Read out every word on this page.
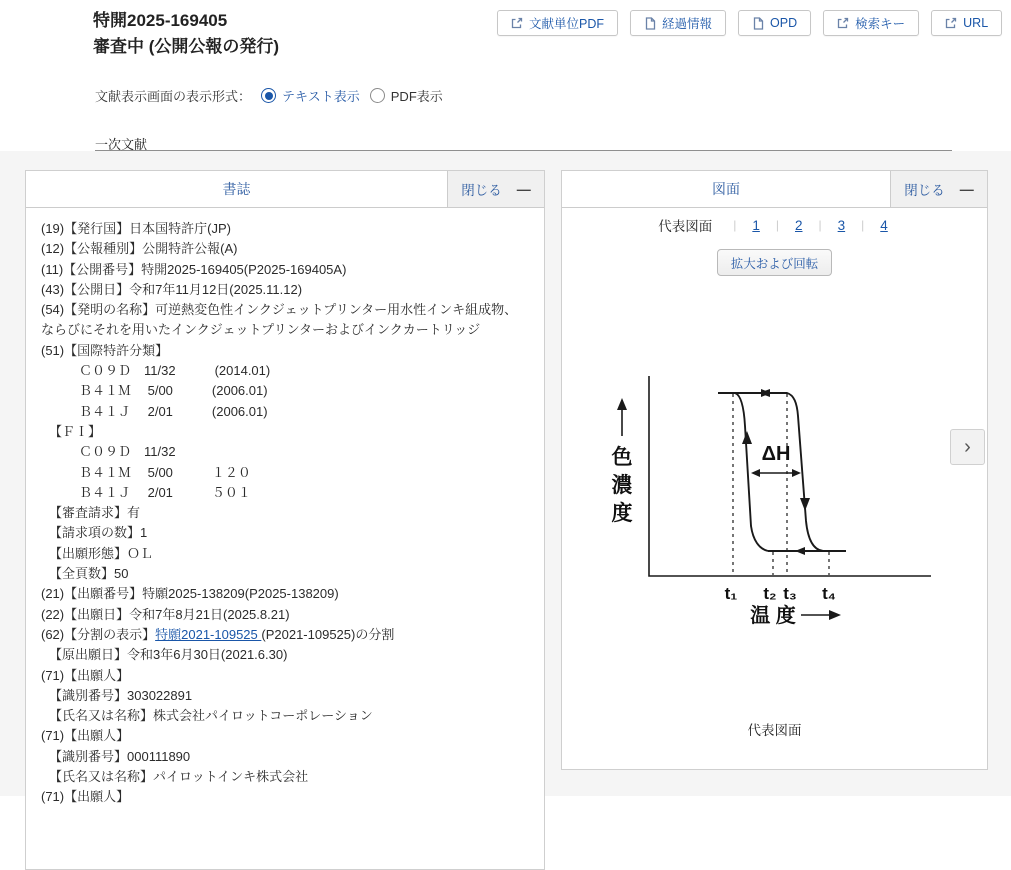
特開2025-169405
審査中 (公開公報の発行)
文献単位PDF	経過情報	OPD	検索キー	URL
文献表示画面の表示形式： テキスト表示 PDF表示
一次文献
書誌	閉じる —
(19)【発行国】日本国特許庁(JP)
(12)【公報種別】公開特許公報(A)
(11)【公開番号】特開2025-169405(P2025-169405A)
(43)【公開日】令和7年11月12日(2025.11.12)
(54)【発明の名称】可逆熱変色性インクジェットプリンター用水性インキ組成物、ならびにそれを用いたインクジェットプリンターおよびインクカートリッジ
(51)【国際特許分類】
Ｃ０９Ｄ　11/32　　　(2014.01)
Ｂ４１Ｍ　 5/00　　　(2006.01)
Ｂ４１Ｊ　 2/01　　　(2006.01)
【ＦＩ】
Ｃ０９Ｄ　11/32
Ｂ４１Ｍ　 5/00　　　１２０
Ｂ４１Ｊ　 2/01　　　５０１
【審査請求】有
【請求項の数】1
【出願形態】ＯＬ
【全頁数】50
(21)【出願番号】特願2025-138209(P2025-138209)
(22)【出願日】令和7年8月21日(2025.8.21)
(62)【分割の表示】特願2021-109525 (P2021-109525)の分割
【原出願日】令和3年6月30日(2021.6.30)
(71)【出願人】
【識別番号】303022891
【氏名又は名称】株式会社パイロットコーポレーション
(71)【出願人】
【識別番号】000111890
【氏名又は名称】パイロットインキ株式会社
(71)【出願人】
図面	閉じる —
代表図面	|	1	|	2	|	3	|	4
拡大および回転
ΔH
色
濃
度
t₁ t₂ t₃ t₄
温 度
代表図面
›
